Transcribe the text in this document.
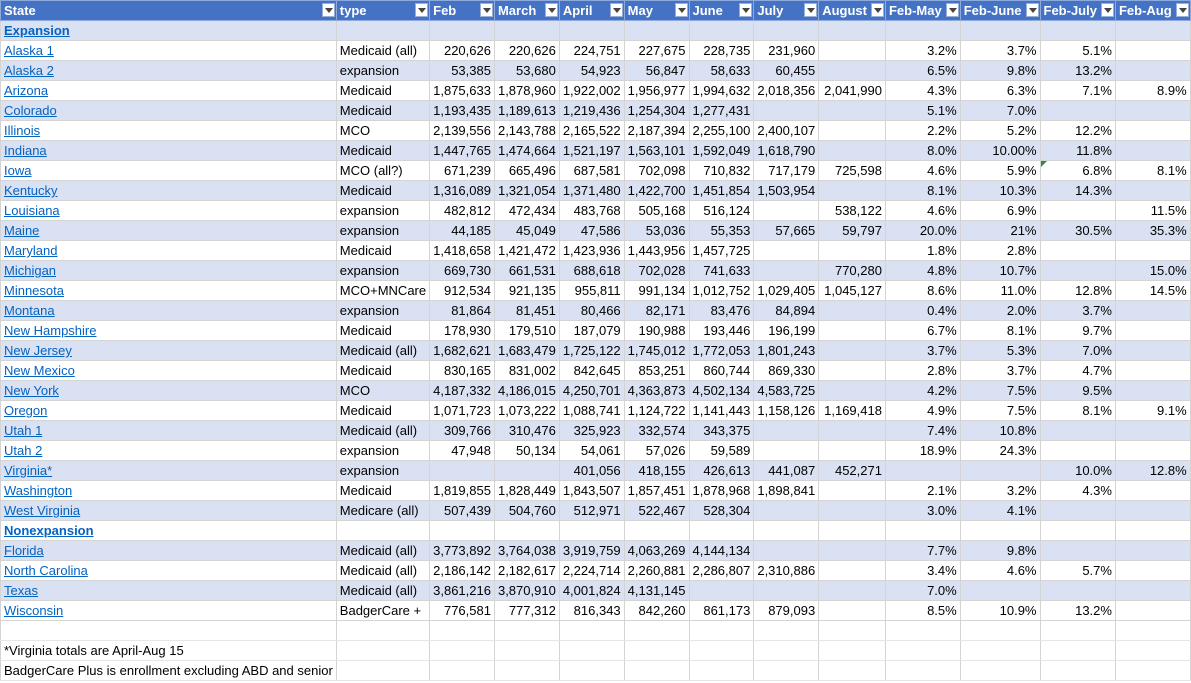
State	type	Feb	March	April	May	June	July	August	Feb-May	Feb-June	Feb-July	Feb-Aug

Expansion												
Alaska 1	Medicaid (all)	220,626	220,626	224,751	227,675	228,735	231,960		3.2%	3.7%	5.1%	
Alaska 2	expansion	53,385	53,680	54,923	56,847	58,633	60,455		6.5%	9.8%	13.2%	
Arizona	Medicaid	1,875,633	1,878,960	1,922,002	1,956,977	1,994,632	2,018,356	2,041,990	4.3%	6.3%	7.1%	8.9%
Colorado	Medicaid	1,193,435	1,189,613	1,219,436	1,254,304	1,277,431			5.1%	7.0%		
Illinois	MCO	2,139,556	2,143,788	2,165,522	2,187,394	2,255,100	2,400,107		2.2%	5.2%	12.2%	
Indiana	Medicaid	1,447,765	1,474,664	1,521,197	1,563,101	1,592,049	1,618,790		8.0%	10.00%	11.8%	
Iowa	MCO (all?)	671,239	665,496	687,581	702,098	710,832	717,179	725,598	4.6%	5.9%	6.8%	8.1%
Kentucky	Medicaid	1,316,089	1,321,054	1,371,480	1,422,700	1,451,854	1,503,954		8.1%	10.3%	14.3%	
Louisiana	expansion	482,812	472,434	483,768	505,168	516,124		538,122	4.6%	6.9%		11.5%
Maine	expansion	44,185	45,049	47,586	53,036	55,353	57,665	59,797	20.0%	21%	30.5%	35.3%
Maryland	Medicaid	1,418,658	1,421,472	1,423,936	1,443,956	1,457,725			1.8%	2.8%		
Michigan	expansion	669,730	661,531	688,618	702,028	741,633		770,280	4.8%	10.7%		15.0%
Minnesota	MCO+MNCare	912,534	921,135	955,811	991,134	1,012,752	1,029,405	1,045,127	8.6%	11.0%	12.8%	14.5%
Montana	expansion	81,864	81,451	80,466	82,171	83,476	84,894		0.4%	2.0%	3.7%	
New Hampshire	Medicaid	178,930	179,510	187,079	190,988	193,446	196,199		6.7%	8.1%	9.7%	
New Jersey	Medicaid (all)	1,682,621	1,683,479	1,725,122	1,745,012	1,772,053	1,801,243		3.7%	5.3%	7.0%	
New Mexico	Medicaid	830,165	831,002	842,645	853,251	860,744	869,330		2.8%	3.7%	4.7%	
New York	MCO	4,187,332	4,186,015	4,250,701	4,363,873	4,502,134	4,583,725		4.2%	7.5%	9.5%	
Oregon	Medicaid	1,071,723	1,073,222	1,088,741	1,124,722	1,141,443	1,158,126	1,169,418	4.9%	7.5%	8.1%	9.1%
Utah 1	Medicaid (all)	309,766	310,476	325,923	332,574	343,375			7.4%	10.8%		
Utah 2	expansion	47,948	50,134	54,061	57,026	59,589			18.9%	24.3%		
Virginia*	expansion			401,056	418,155	426,613	441,087	452,271			10.0%	12.8%
Washington	Medicaid	1,819,855	1,828,449	1,843,507	1,857,451	1,878,968	1,898,841		2.1%	3.2%	4.3%	
West Virginia	Medicare (all)	507,439	504,760	512,971	522,467	528,304			3.0%	4.1%		
Nonexpansion												
Florida	Medicaid (all)	3,773,892	3,764,038	3,919,759	4,063,269	4,144,134			7.7%	9.8%		
North Carolina	Medicaid (all)	2,186,142	2,182,617	2,224,714	2,260,881	2,286,807	2,310,886		3.4%	4.6%	5.7%	
Texas	Medicaid (all)	3,861,216	3,870,910	4,001,824	4,131,145				7.0%			
Wisconsin	BadgerCare +	776,581	777,312	816,343	842,260	861,173	879,093		8.5%	10.9%	13.2%	

*Virginia totals are April-Aug 15												
BadgerCare Plus is enrollment excluding ABD and senior												
